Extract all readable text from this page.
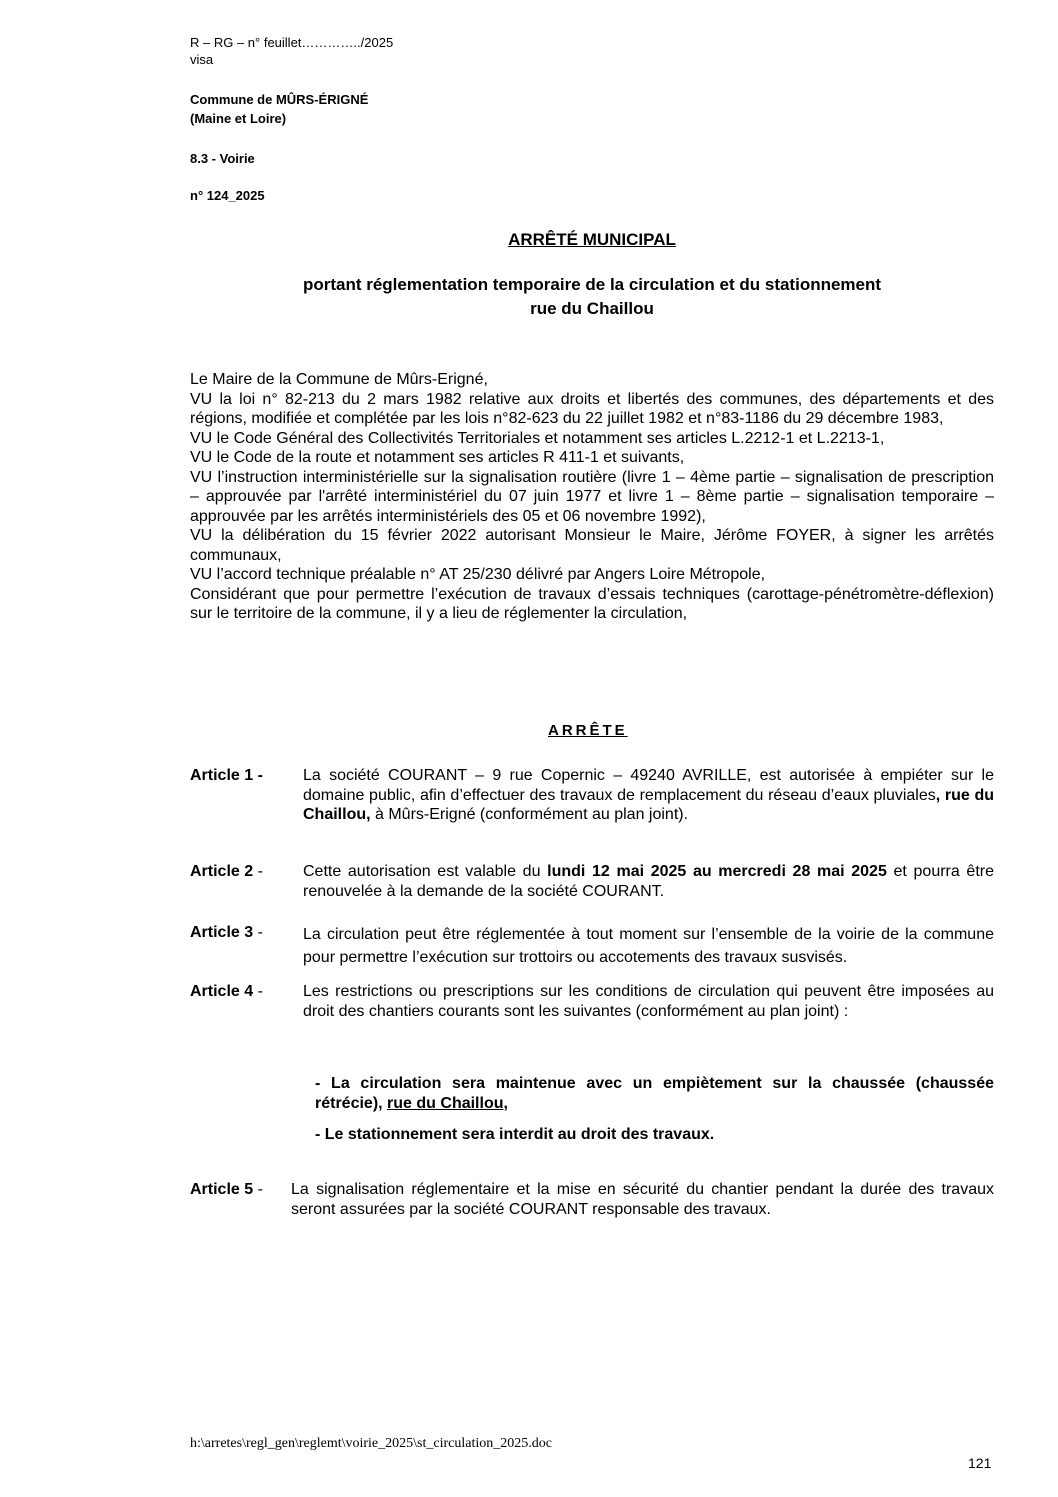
R – RG – n° feuillet…………../2025
visa
Commune de MÛRS-ÉRIGNÉ
(Maine et Loire)
8.3 - Voirie
n° 124_2025
ARRÊTÉ MUNICIPAL
portant réglementation temporaire de la circulation et du stationnement
rue du Chaillou

Le Maire de la Commune de Mûrs-Erigné,

VU la loi n° 82-213 du 2 mars 1982 relative aux droits et libertés des communes, des départements et des régions, modifiée et complétée par les lois n°82-623 du 22 juillet 1982 et n°83-1186 du 29 décembre 1983,

VU le Code Général des Collectivités Territoriales et notamment ses articles L.2212-1 et L.2213-1,

VU le Code de la route et notamment ses articles R 411-1 et suivants,

VU l’instruction interministérielle sur la signalisation routière (livre 1 – 4ème partie – signalisation de prescription – approuvée par l'arrêté interministériel du 07 juin 1977 et livre 1 – 8ème partie – signalisation temporaire – approuvée par les arrêtés interministériels des 05 et 06 novembre 1992),

VU la délibération du 15 février 2022 autorisant Monsieur le Maire, Jérôme FOYER, à signer les arrêtés communaux,

VU l’accord technique préalable n° AT 25/230 délivré par Angers Loire Métropole,

Considérant que pour permettre l’exécution de travaux d’essais techniques (carottage-pénétromètre-déflexion) sur le territoire de la commune, il y a lieu de réglementer la circulation,

ARRÊTE
Article 1 -	La société COURANT – 9 rue Copernic – 49240 AVRILLE, est autorisée à empiéter sur le domaine public, afin d’effectuer des travaux de remplacement du réseau d’eaux pluviales, rue du Chaillou, à Mûrs-Erigné (conformément au plan joint).
Article 2 -	Cette autorisation est valable du lundi 12 mai 2025 au mercredi 28 mai 2025 et pourra être renouvelée à la demande de la société COURANT.
Article 3 -	La circulation peut être réglementée à tout moment sur l’ensemble de la voirie de la commune pour permettre l’exécution sur trottoirs ou accotements des travaux susvisés.
Article 4 -	Les restrictions ou prescriptions sur les conditions de circulation qui peuvent être imposées au droit des chantiers courants sont les suivantes (conformément au plan joint) :
- La circulation sera maintenue avec un empiètement sur la chaussée (chaussée rétrécie), rue du Chaillou,
- Le stationnement sera interdit au droit des travaux.
Article 5 - La signalisation réglementaire et la mise en sécurité du chantier pendant la durée des travaux seront assurées par la société COURANT responsable des travaux.
h:\arretes\regl_gen\reglemt\voirie_2025\st_circulation_2025.doc
121
